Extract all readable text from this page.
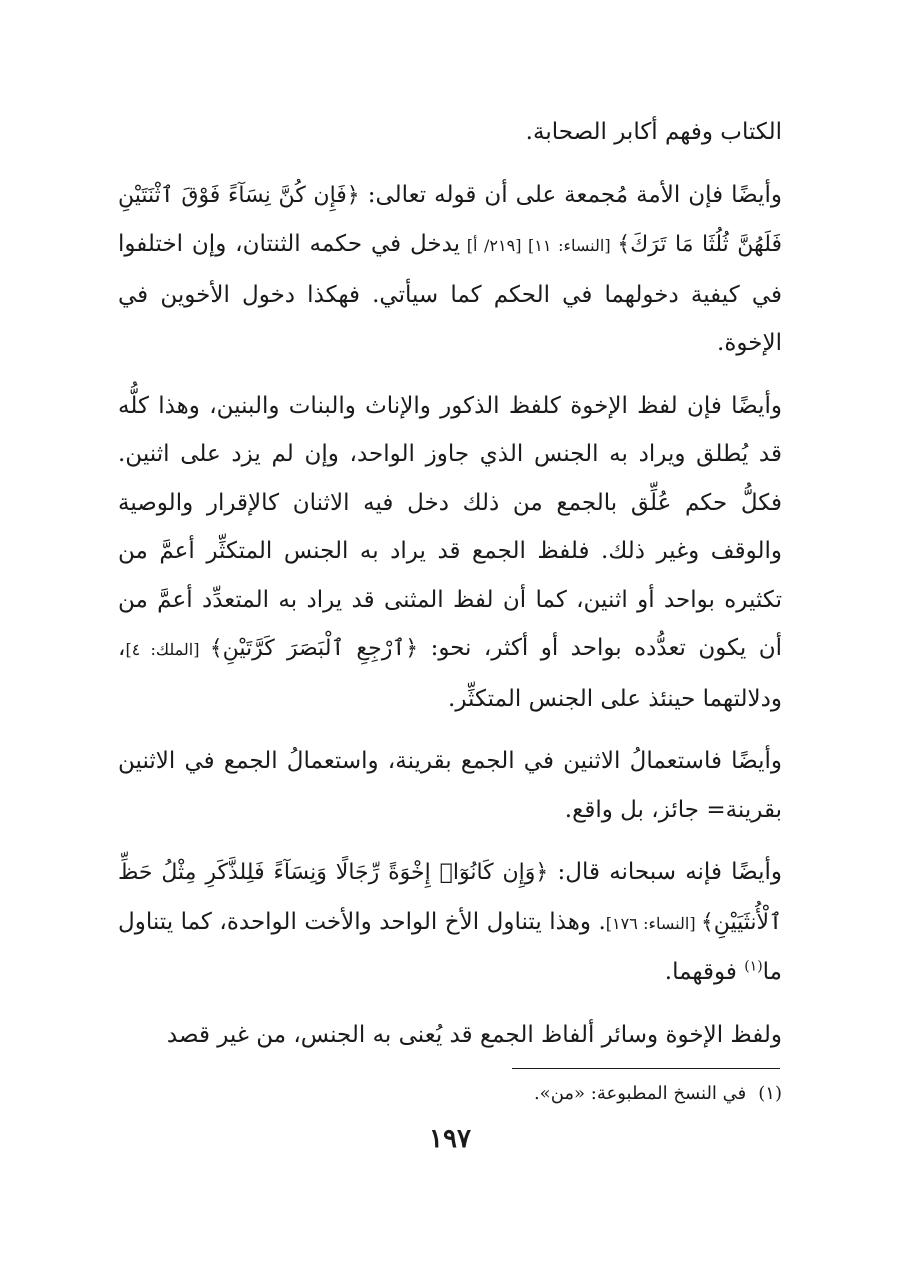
الكتاب وفهم أكابر الصحابة.

وأيضًا فإن الأمة مُجمعة على أن قوله تعالى: ﴿فَإِن كُنَّ نِسَآءً فَوْقَ ٱثْنَتَيْنِ فَلَهُنَّ ثُلُثَا مَا تَرَكَ﴾ [النساء: ١١] [٢١٩/ أ] يدخل في حكمه الثنتان، وإن اختلفوا في كيفية دخولهما في الحكم كما سيأتي. فهكذا دخول الأخوين في الإخوة.

وأيضًا فإن لفظ الإخوة كلفظ الذكور والإناث والبنات والبنين، وهذا كلُّه قد يُطلق ويراد به الجنس الذي جاوز الواحد، وإن لم يزد على اثنين. فكلُّ حكم عُلِّق بالجمع من ذلك دخل فيه الاثنان كالإقرار والوصية والوقف وغير ذلك. فلفظ الجمع قد يراد به الجنس المتكثِّر أعمَّ من تكثيره بواحد أو اثنين، كما أن لفظ المثنى قد يراد به المتعدِّد أعمَّ من أن يكون تعدُّده بواحد أو أكثر، نحو: ﴿ٱرْجِعِ ٱلْبَصَرَ كَرَّتَيْنِ﴾ [الملك: ٤]، ودلالتهما حينئذ على الجنس المتكثِّر.

وأيضًا فاستعمالُ الاثنين في الجمع بقرينة، واستعمالُ الجمع في الاثنين بقرينة= جائز، بل واقع.

وأيضًا فإنه سبحانه قال: ﴿وَإِن كَانُوٓا۟ إِخْوَةً رِّجَالًا وَنِسَآءً فَلِلذَّكَرِ مِثْلُ حَظِّ ٱلْأُنثَيَيْنِ﴾ [النساء: ١٧٦]. وهذا يتناول الأخ الواحد والأخت الواحدة، كما يتناول ما$^{(١)}$ فوقهما.

ولفظ الإخوة وسائر ألفاظ الجمع قد يُعنى به الجنس، من غير قصد

(١)في النسخ المطبوعة: «من».
١٩٧
